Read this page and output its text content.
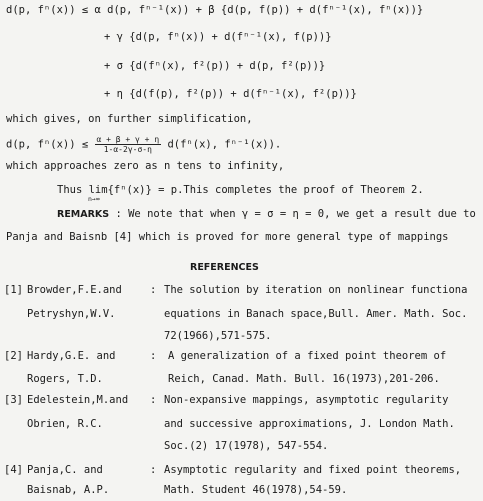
d(p, fⁿ(x)) ≤ α d(p, fⁿ⁻¹(x)) + β {d(p, f(p)) + d(fⁿ⁻¹(x), fⁿ(x))}
+ γ {d(p, fⁿ(x)) + d(fⁿ⁻¹(x), f(p))}
+ σ {d(fⁿ(x), f²(p)) + d(p, f²(p))}
+ η {d(f(p), f²(p)) + d(fⁿ⁻¹(x), f²(p))}
which gives, on further simplification,
d(p, $f^n(x)) \le \frac{\alpha + \beta + \gamma + \eta}{1-\alpha-2\gamma-\sigma-\eta} d(f^n(x)$, fⁿ⁻¹(x)).
which approaches zero as n tens to infinity,
Thus lim{fⁿ(x)} = p.This completes the proof of Theorem 2.
n→∞
REMARKS : We note that when γ = σ = η = 0, we get a result due to
Panja and Baisnb [4] which is proved for more general type of mappings
REFERENCES
[1] Browder,F.E.and
Petryshyn,W.V.
: The solution by iteration on nonlinear functiona
equations in Banach space,Bull. Amer. Math. Soc.
72(1966),571-575.
[2] Hardy,G.E. and
Rogers, T.D.
: A generalization of a fixed point theorem of
Reich, Canad. Math. Bull. 16(1973),201-206.
[3] Edelestein,M.and
Obrien, R.C.
: Non-expansive mappings, asymptotic regularity
and successive approximations, J. London Math.
Soc.(2) 17(1978), 547-554.
[4] Panja,C. and
Baisnab, A.P.
: Asymptotic regularity and fixed point theorems,
Math. Student 46(1978),54-59.
